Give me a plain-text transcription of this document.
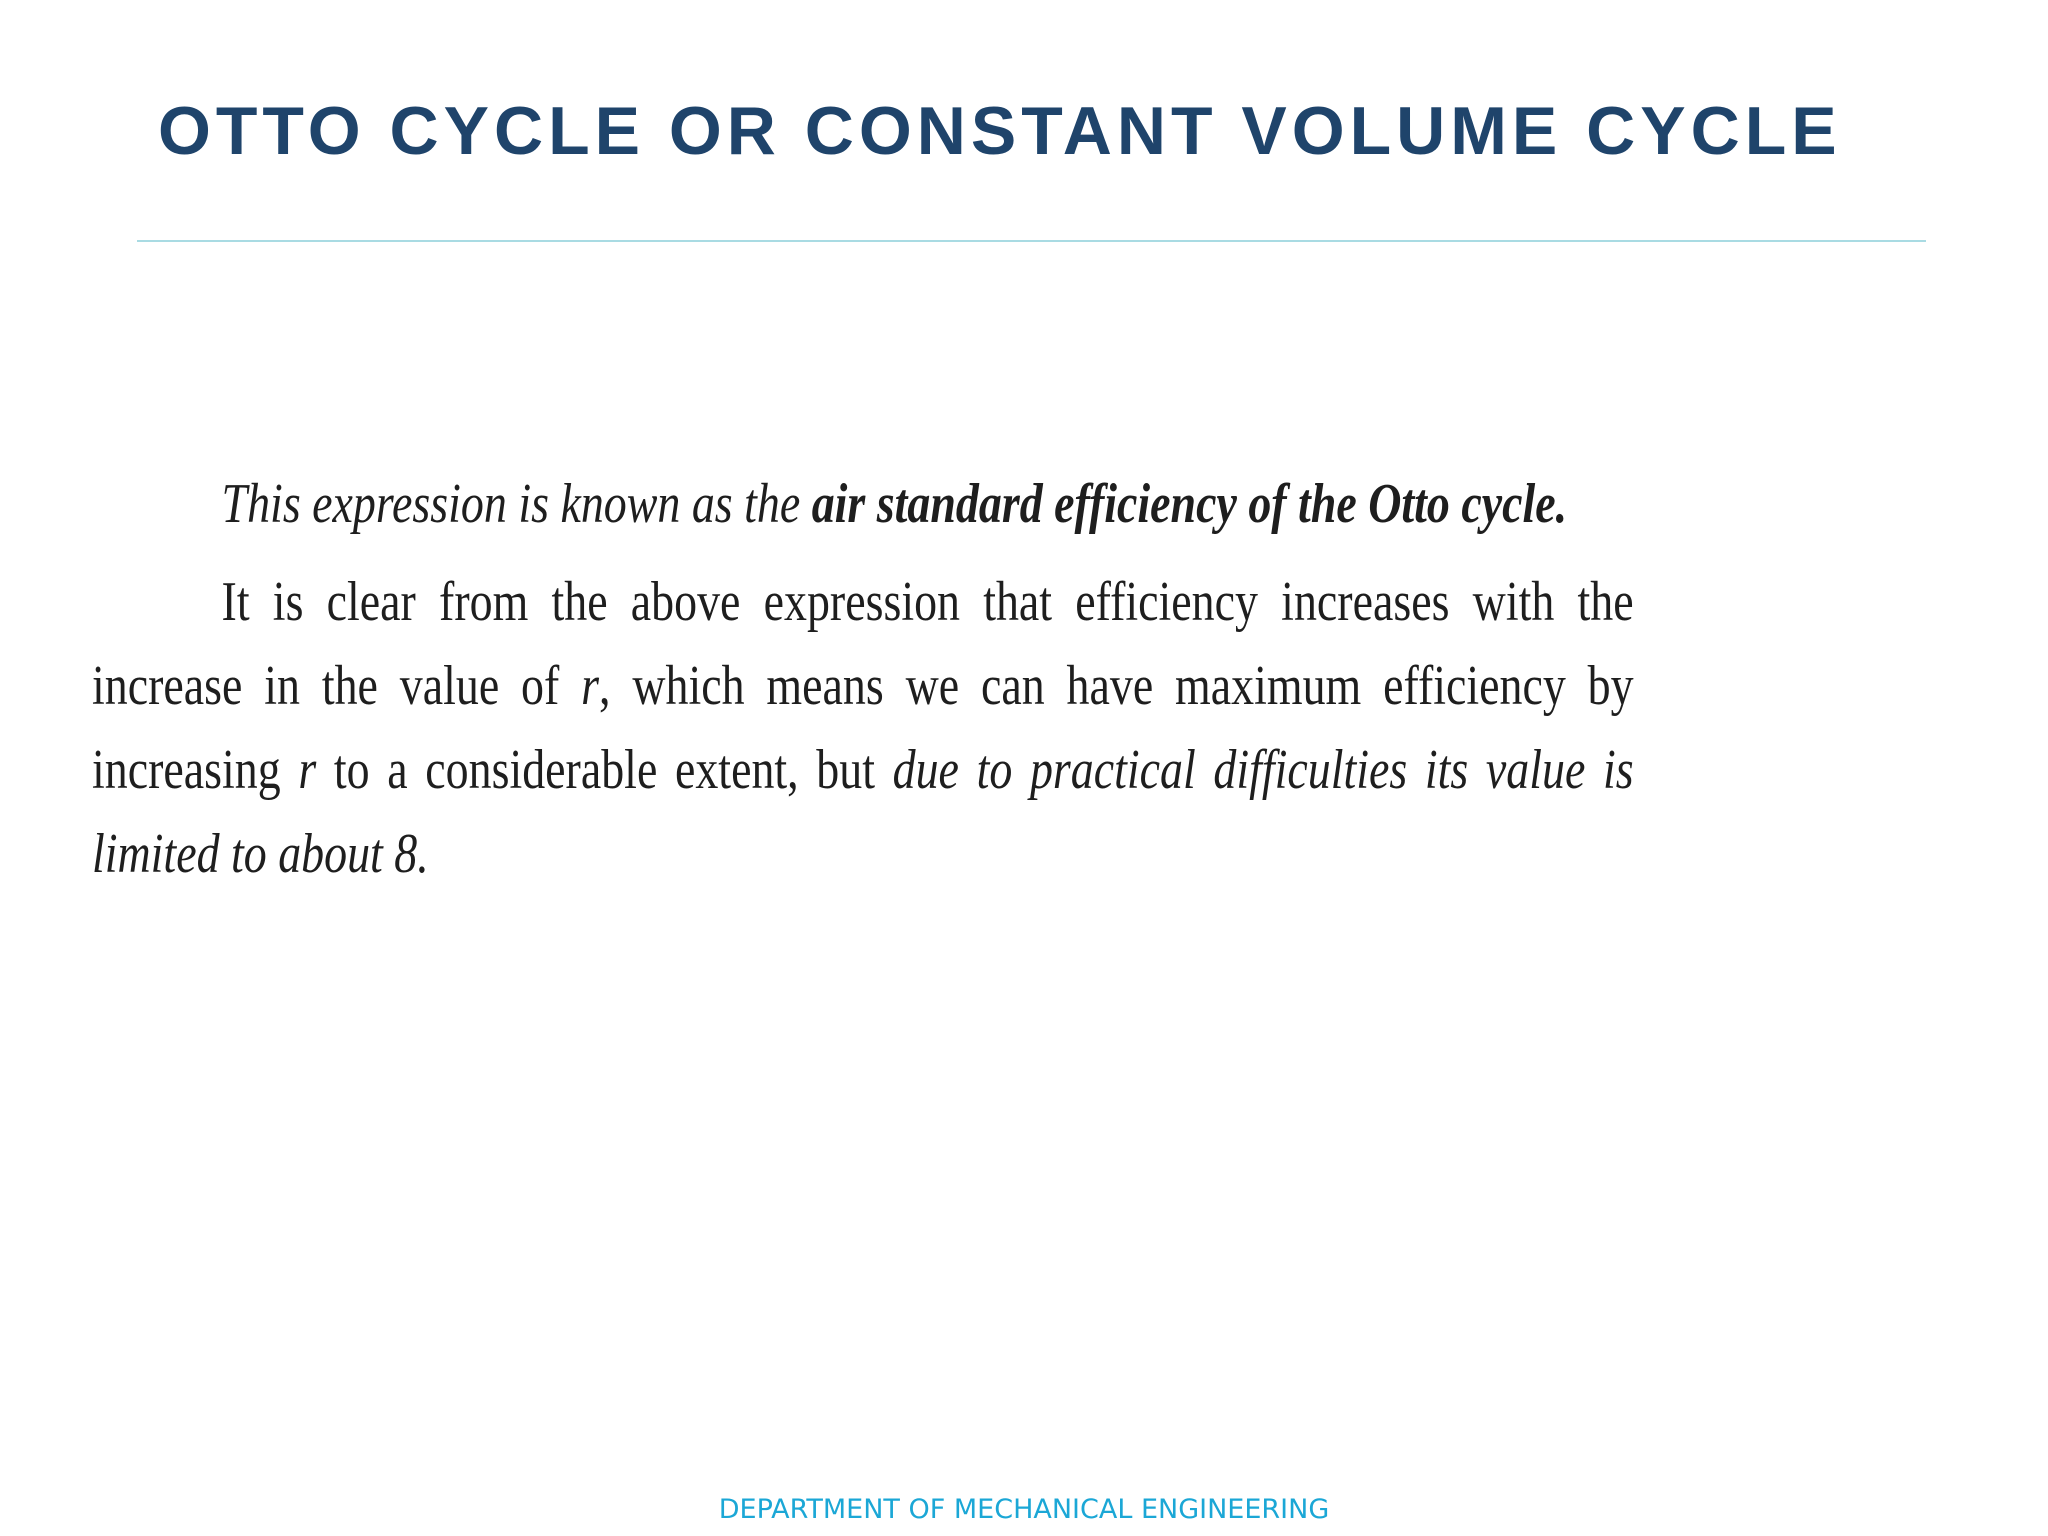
OTTO CYCLE OR CONSTANT VOLUME CYCLE

This expression is known as the air standard efficiency of the Otto cycle.

It is clear from the above expression that efficiency increases with the increase in the value of r, which means we can have maximum efficiency by increasing r to a considerable extent, but due to practical difficulties its value is limited to about 8.

DEPARTMENT OF MECHANICAL ENGINEERING
